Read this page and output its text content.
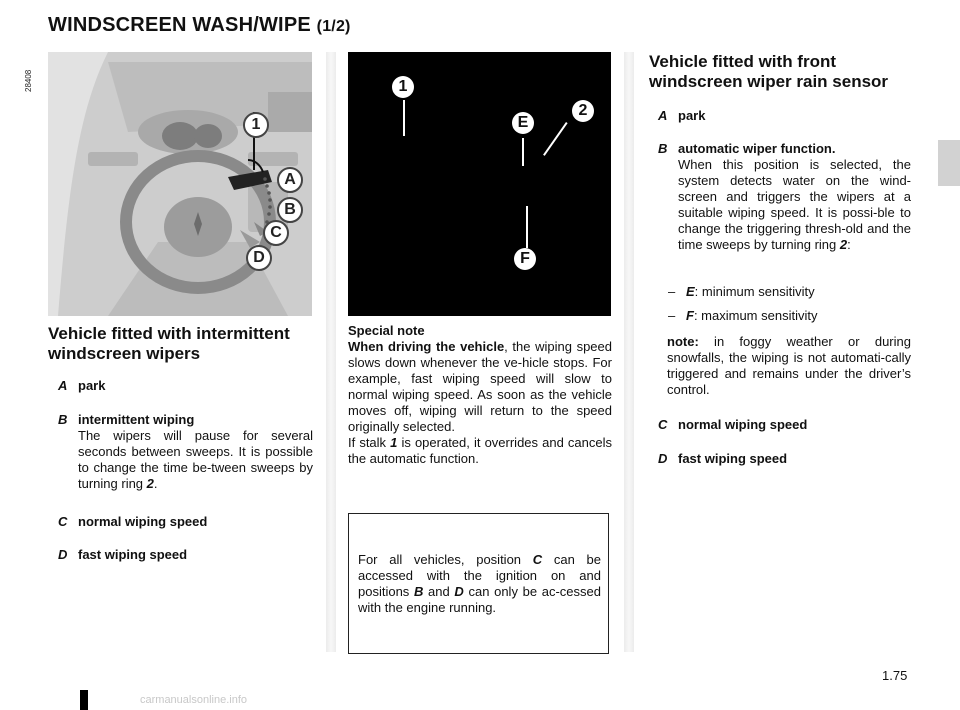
WINDSCREEN WASH/WIPE (1/2)
28408
1
A
B
C
D
1
E
2
F
Vehicle fitted with intermittent
windscreen wipers
A park
B intermittent wiping
The wipers will pause for several seconds between sweeps. It is possible to change the time be-tween sweeps by turning ring 2.
C normal wiping speed
D fast wiping speed
Special note
When driving the vehicle, the wiping speed slows down whenever the ve-hicle stops. For example, fast wiping speed will slow to normal wiping speed. As soon as the vehicle moves off, wiping will return to the speed originally selected.
If stalk 1 is operated, it overrides and cancels the automatic function.
For all vehicles, position C can be accessed with the ignition on and positions B and D can only be ac-cessed with the engine running.
Vehicle fitted with front
windscreen wiper rain sensor
A park
B automatic wiper function.
When this position is selected, the system detects water on the wind-screen and triggers the wipers at a suitable wiping speed. It is possi-ble to change the triggering thresh-old and the time sweeps by turning ring 2:
– E: minimum sensitivity
– F: maximum sensitivity
note: in foggy weather or during snowfalls, the wiping is not automati-cally triggered and remains under the driver’s control.
C normal wiping speed
D fast wiping speed
1.75
carmanualsonline.info
